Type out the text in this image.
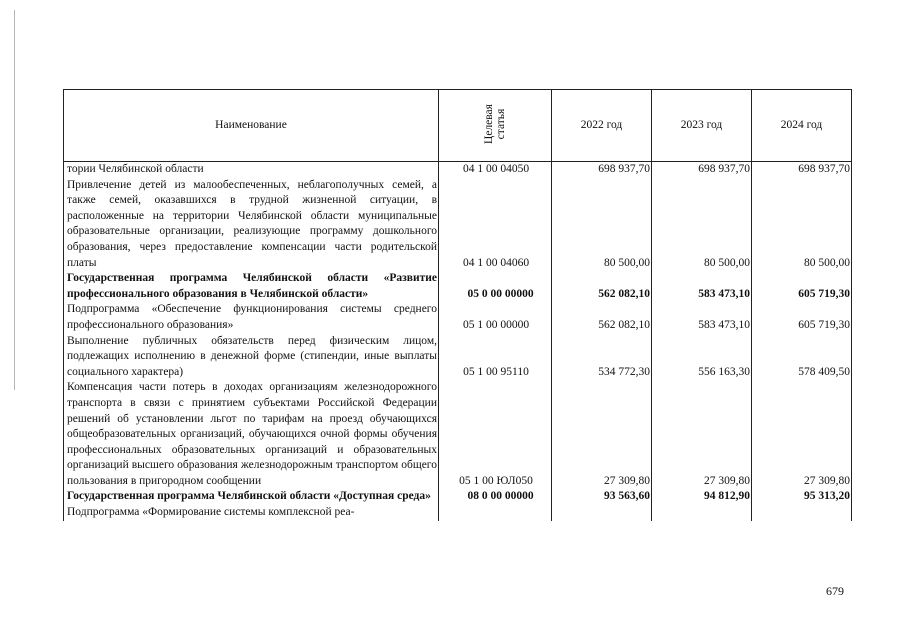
Наименование	Целевая статья	2022 год	2023 год	2024 год
тории Челябинской области	04 1 00 04050	698 937,70	698 937,70	698 937,70
Привлечение детей из малообеспеченных, неблагополучных семей, а также семей, оказавшихся в трудной жизненной ситуации, в расположенные на территории Челябинской области муниципальные образовательные организации, реализующие программу дошкольного образования, через предоставление компенсации части родительской платы	04 1 00 04060	80 500,00	80 500,00	80 500,00
Государственная программа Челябинской области «Развитие профессионального образования в Челябинской области»	05 0 00 00000	562 082,10	583 473,10	605 719,30
Подпрограмма «Обеспечение функционирования системы среднего профессионального образования»	05 1 00 00000	562 082,10	583 473,10	605 719,30
Выполнение публичных обязательств перед физическим лицом, подлежащих исполнению в денежной форме (стипендии, иные выплаты социального характера)	05 1 00 95110	534 772,30	556 163,30	578 409,50
Компенсация части потерь в доходах организациям железнодорожного транспорта в связи с принятием субъектами Российской Федерации решений об установлении льгот по тарифам на проезд обучающихся общеобразовательных организаций, обучающихся очной формы обучения профессиональных образовательных организаций и образовательных организаций высшего образования железнодорожным транспортом общего пользования в пригородном сообщении	05 1 00 ЮЛ050	27 309,80	27 309,80	27 309,80
Государственная программа Челябинской области «Доступная среда»	08 0 00 00000	93 563,60	94 812,90	95 313,20
Подпрограмма «Формирование системы комплексной реа-				
679
